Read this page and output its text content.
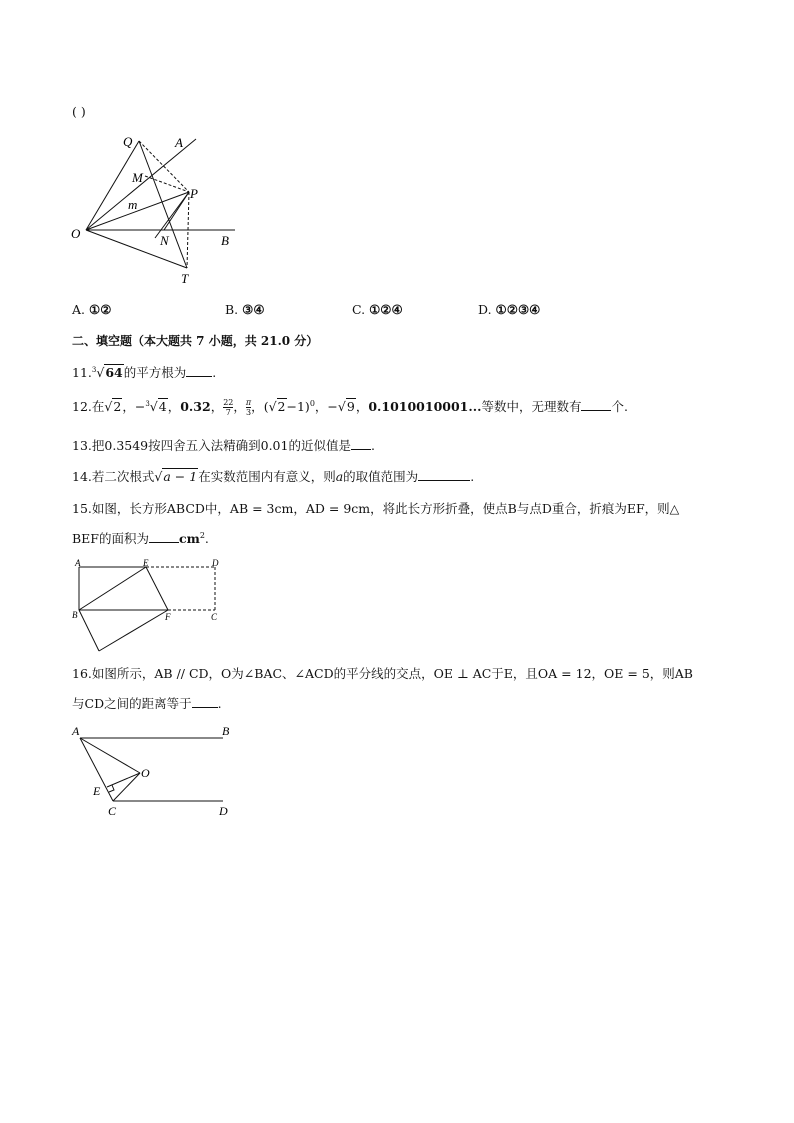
( )
Q	A
M
P
m
O	N	B
T
A. ①②	B. ③④	C. ①②④	D. ①②③④
二、填空题（本大题共 7 小题，共 21.0 分）
11.$^3$√64的平方根为 .
12.在√2，−$^3$√4，0.32， $\frac{22}{7}$ ， $\frac{\pi}{3}$ ，$(√2-1)^0$，−√9，0.1010010001...等数中，无理数有 个.
13.把0.3549按四舍五入法精确到0.01的近似值是 .
14.若二次根式√a − 1在实数范围内有意义，则a的取值范围为	.
15.如图，长方形ABCD中，AB = 3cm，AD = 9cm，将此长方形折叠，使点B与点D重合，折痕为EF，则△
BEF的面积为 $cm^2$.
A	E	D
B	F	C
16.如图所示，AB // CD，O为∠BAC、∠ACD的平分线的交点，OE ⊥ AC于E，且OA = 12，OE = 5，则AB
与CD之间的距离等于 .
A	B
O
E
C	D
